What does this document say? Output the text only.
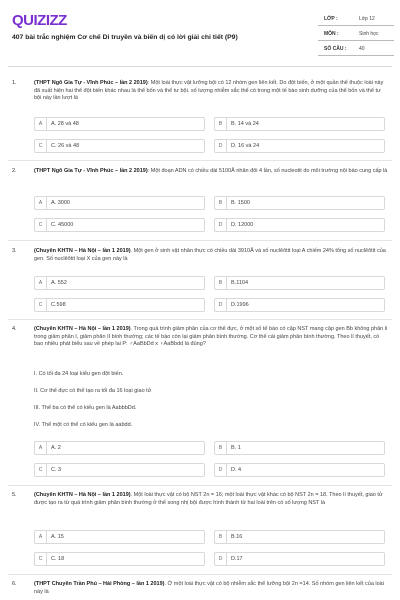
QUIZIZZ
407 bài trắc nghiệm Cơ chế Di truyền và biến dị có lời giải chi tiết (P9)
LỚP :	Lớp 12
MÔN :	Sinh học
SỐ CÂU :	40
1.	(THPT Ngô Gia Tự - Vĩnh Phúc – lần 2 2019): Một loài thực vật lưỡng bội có 12 nhóm gen liên kết. Do đột biến, ở một quần thể thuộc loài này đã xuất hiện hai thể đột biến khác nhau là thể bốn và thể tư bội. số lượng nhiễm sắc thể có trong một tế bào sinh dưỡng của thể bốn và thể tư bội này lần lượt là
A	A. 28 và 48	B	B. 14 và 24
C	C. 26 và 48	D	D. 16 và 24
2.	(THPT Ngô Gia Tự - Vĩnh Phúc – lần 2 2019): Một đoạn ADN có chiều dài 5100Å nhân đôi 4 lần, số nucleotit do môi trường nội bào cung cấp là
A	A. 3000	B	B. 1500
C	C. 45000	D	D. 12000
3.	(Chuyên KHTN – Hà Nội – lần 1 2019). Một gen ở sinh vật nhân thực có chiều dài 3910Å và số nuclêôtit loại A chiếm 24% tổng số nuclêôtit của gen. Số nuclêôtit loại X của gen này là
A	A. 552	B	B.1104
C	C.598	D	D.1996
4.	(Chuyên KHTN – Hà Nội – lần 1 2019). Trong quá trình giảm phân của cơ thể đực, ở một số tế bào có cặp NST mang cặp gen Bb không phân li trong giảm phân I, giảm phân II bình thường; các tế bào còn lại giảm phân bình thường. Cơ thể cái giảm phân bình thường. Theo lí thuyết, có bao nhiêu phát biểu sau về phép lai P: ♂AaBbDd x ♀AaBbdd là đúng?
I. Có tối đa 24 loại kiểu gen đột biến.
II. Cơ thể đực có thể tạo ra tối đa 16 loại giao tử
III. Thể ba có thể có kiểu gen là AabbbDd.
IV. Thể một có thể có kiểu gen là aabdd.
A	A. 2	B	B. 1
C	C. 3	D	D. 4
5.	(Chuyên KHTN – Hà Nội – lần 1 2019). Một loài thực vật có bộ NST 2n = 16; một loài thực vật khác có bộ NST 2n = 18. Theo lí thuyết, giao tử được tạo ra từ quá trình giảm phân bình thường ở thể song nhị bội được hình thành từ hai loài trên có số lượng NST là
A	A. 15	B	B.16
C	C. 18	D	D.17
6.	(THPT Chuyên Trần Phú – Hải Phòng – lần 1 2019). Ở một loài thực vật có bộ nhiễm sắc thể lưỡng bội 2n =14. Số nhóm gen liên kết của loài này là
